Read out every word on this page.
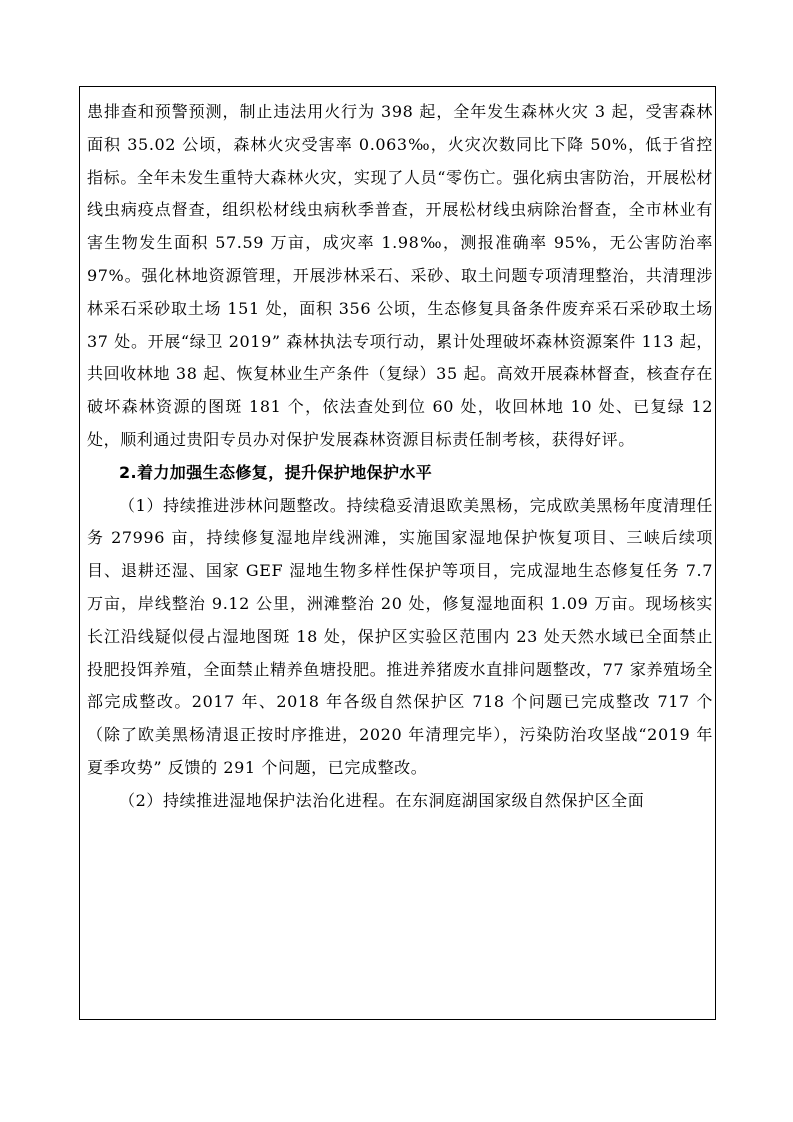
患排查和预警预测，制止违法用火行为 398 起，全年发生森林火灾 3 起，受害森林面积 35.02 公顷，森林火灾受害率 0.063‰，火灾次数同比下降 50%，低于省控指标。全年未发生重特大森林火灾，实现了人员“零伤亡。强化病虫害防治，开展松材线虫病疫点督查，组织松材线虫病秋季普查，开展松材线虫病除治督查，全市林业有害生物发生面积 57.59 万亩，成灾率 1.98‰，测报准确率 95%，无公害防治率 97%。强化林地资源管理，开展涉林采石、采砂、取土问题专项清理整治，共清理涉林采石采砂取土场 151 处，面积 356 公顷，生态修复具备条件废弃采石采砂取土场 37 处。开展“绿卫 2019” 森林执法专项行动，累计处理破坏森林资源案件 113 起，共回收林地 38 起、恢复林业生产条件（复绿）35 起。高效开展森林督查，核查存在破坏森林资源的图斑 181 个，依法查处到位 60 处，收回林地 10 处、已复绿 12 处，顺利通过贵阳专员办对保护发展森林资源目标责任制考核，获得好评。

2.着力加强生态修复，提升保护地保护水平

（1）持续推进涉林问题整改。持续稳妥清退欧美黑杨，完成欧美黑杨年度清理任务 27996 亩，持续修复湿地岸线洲滩，实施国家湿地保护恢复项目、三峡后续项目、退耕还湿、国家 GEF 湿地生物多样性保护等项目，完成湿地生态修复任务 7.7 万亩，岸线整治 9.12 公里，洲滩整治 20 处，修复湿地面积 1.09 万亩。现场核实长江沿线疑似侵占湿地图斑 18 处，保护区实验区范围内 23 处天然水域已全面禁止投肥投饵养殖，全面禁止精养鱼塘投肥。推进养猪废水直排问题整改，77 家养殖场全部完成整改。2017 年、2018 年各级自然保护区 718 个问题已完成整改 717 个（除了欧美黑杨清退正按时序推进，2020 年清理完毕），污染防治攻坚战“2019 年夏季攻势” 反馈的 291 个问题，已完成整改。

（2）持续推进湿地保护法治化进程。在东洞庭湖国家级自然保护区全面
